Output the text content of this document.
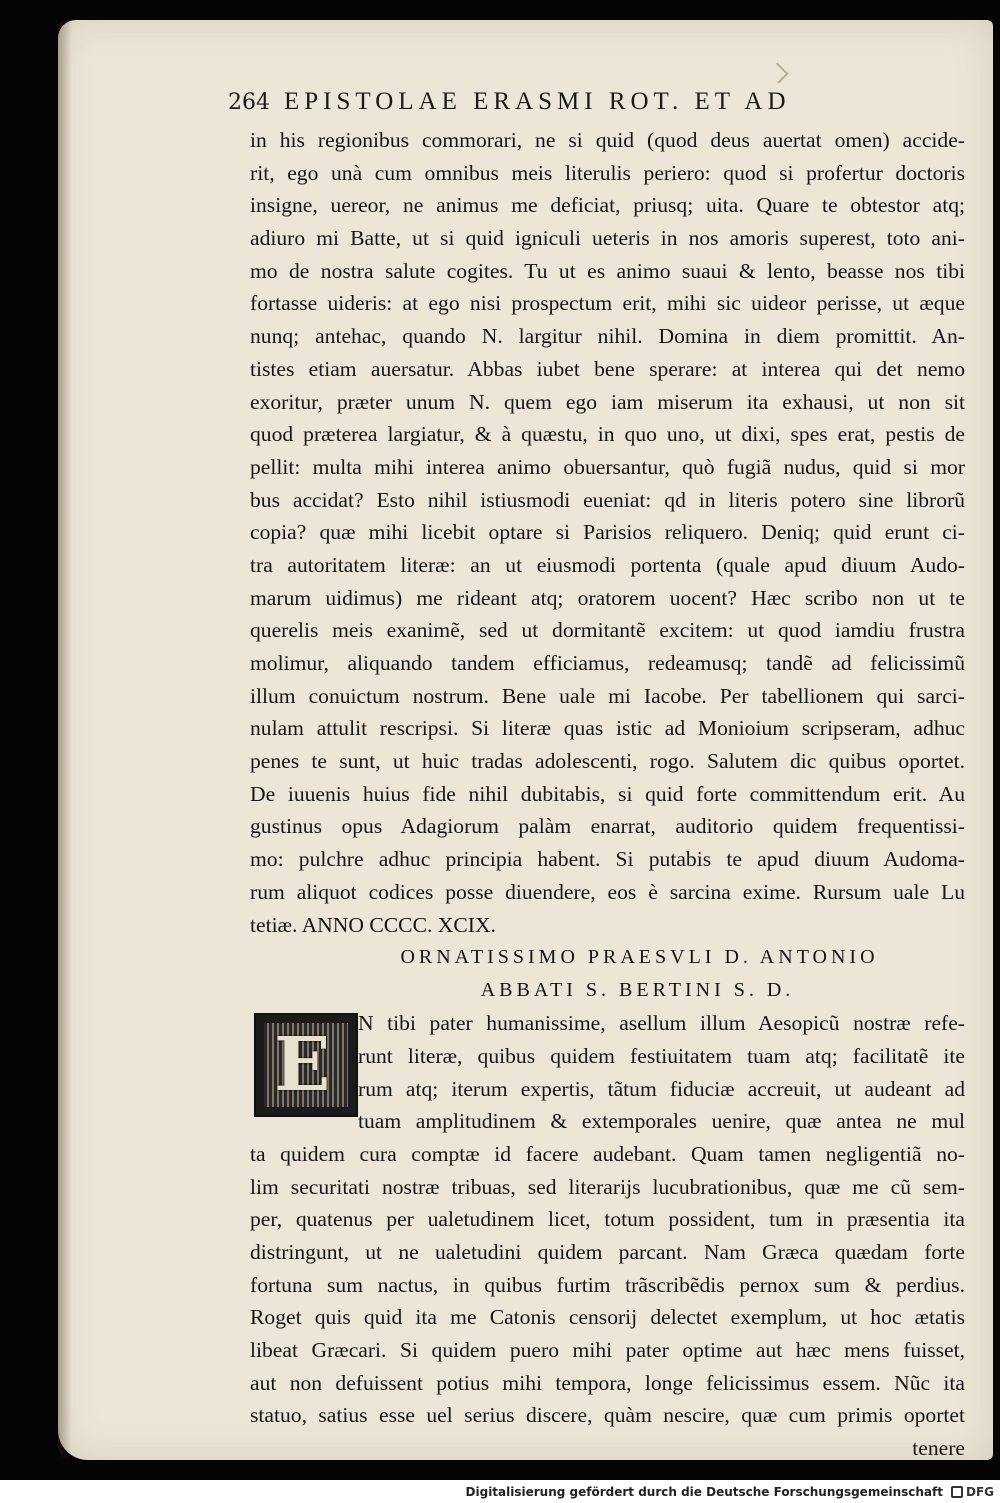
264 EPISTOLAE ERASMI ROT. ET AD
in his regionibus commorari, ne si quid (quod deus auertat omen) accide-
rit, ego unà cum omnibus meis literulis periero: quod si profertur doctoris
insigne, uereor, ne animus me deficiat, priusq; uita. Quare te obtestor atq;
adiuro mi Batte, ut si quid igniculi ueteris in nos amoris superest, toto ani-
mo de nostra salute cogites. Tu ut es animo suaui & lento, beasse nos tibi
fortasse uideris: at ego nisi prospectum erit, mihi sic uideor perisse, ut æque
nunq; antehac, quando N. largitur nihil. Domina in diem promittit. An-
tistes etiam auersatur. Abbas iubet bene sperare: at interea qui det nemo
exoritur, præter unum N. quem ego iam miserum ita exhausi, ut non sit
quod præterea largiatur, & à quæstu, in quo uno, ut dixi, spes erat, pestis de
pellit: multa mihi interea animo obuersantur, quò fugiã nudus, quid si mor
bus accidat? Esto nihil istiusmodi eueniat: qd in literis potero sine librorũ
copia? quæ mihi licebit optare si Parisios reliquero. Deniq; quid erunt ci-
tra autoritatem literæ: an ut eiusmodi portenta (quale apud diuum Audo-
marum uidimus) me rideant atq; oratorem uocent? Hæc scribo non ut te
querelis meis exanimẽ, sed ut dormitantẽ excitem: ut quod iamdiu frustra
molimur, aliquando tandem efficiamus, redeamusq; tandẽ ad felicissimũ
illum conuictum nostrum. Bene uale mi Iacobe. Per tabellionem qui sarci-
nulam attulit rescripsi. Si literæ quas istic ad Monioium scripseram, adhuc
penes te sunt, ut huic tradas adolescenti, rogo. Salutem dic quibus oportet.
De iuuenis huius fide nihil dubitabis, si quid forte committendum erit. Au
gustinus opus Adagiorum palàm enarrat, auditorio quidem frequentissi-
mo: pulchre adhuc principia habent. Si putabis te apud diuum Audoma-
rum aliquot codices posse diuendere, eos è sarcina exime. Rursum uale Lu
tetiæ. ANNO CCCC. XCIX.
ORNATISSIMO PRAESVLI D. ANTONIO
ABBATI S. BERTINI S. D.
E N tibi pater humanissime, asellum illum Aesopicũ nostræ refe-
runt literæ, quibus quidem festiuitatem tuam atq; facilitatẽ ite
rum atq; iterum expertis, tãtum fiduciæ accreuit, ut audeant ad
tuam amplitudinem & extemporales uenire, quæ antea ne mul
ta quidem cura comptæ id facere audebant. Quam tamen negligentiã no-
lim securitati nostræ tribuas, sed literarijs lucubrationibus, quæ me cũ sem-
per, quatenus per ualetudinem licet, totum possident, tum in præsentia ita
distringunt, ut ne ualetudini quidem parcant. Nam Græca quædam forte
fortuna sum nactus, in quibus furtim trãscribẽdis pernox sum & perdius.
Roget quis quid ita me Catonis censorij delectet exemplum, ut hoc ætatis
libeat Græcari. Si quidem puero mihi pater optime aut hæc mens fuisset,
aut non defuissent potius mihi tempora, longe felicissimus essem. Nũc ita
statuo, satius esse uel serius discere, quàm nescire, quæ cum primis oportet
tenere
Digitalisierung gefördert durch die Deutsche Forschungsgemeinschaft DFG
